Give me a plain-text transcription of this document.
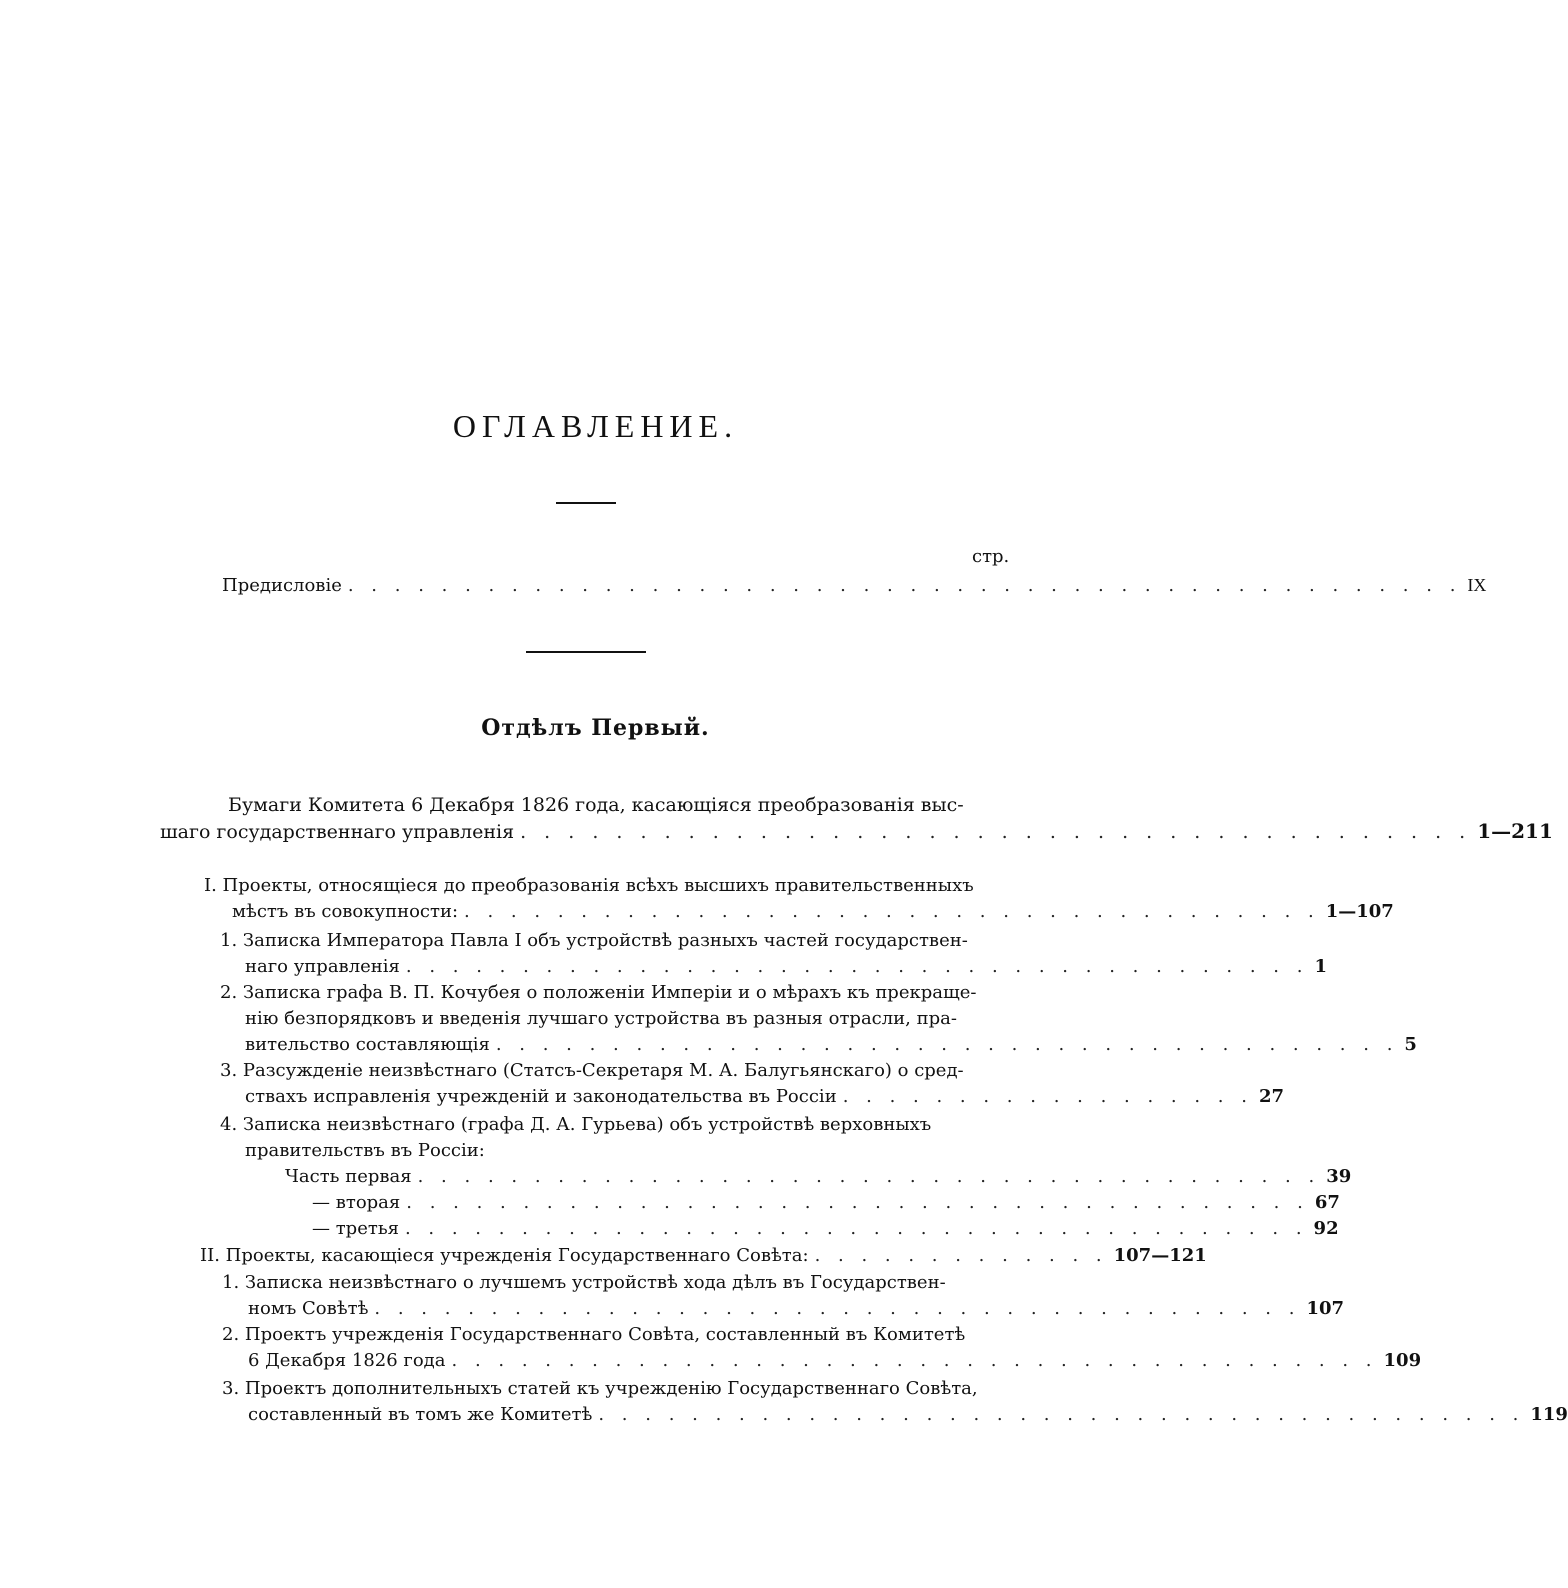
ОГЛАВЛЕНИЕ.
стр.
Предисловіе . . . . . . . . . . . . . . . . . . . . . . . . . . . . . . . . . . . . . . . . . . . . . . . . IX
Отдѣлъ Первый.
Бумаги Комитета 6 Декабря 1826 года, касающіяся преобразованія выс-
шаго государственнаго управленія . . . . . . . . . . . . . . . . . . . . . . . . . . . . . . . . . . . . . . . . 1—211
I. Проекты, относящіеся до преобразованія всѣхъ высшихъ правительственныхъ
мѣстъ въ совокупности: . . . . . . . . . . . . . . . . . . . . . . . . . . . . . . . . . . . . . 1—107
1. Записка Императора Павла I объ устройствѣ разныхъ частей государствен-
наго управленія . . . . . . . . . . . . . . . . . . . . . . . . . . . . . . . . . . . . . . . 1
2. Записка графа В. П. Кочубея о положеніи Имперіи и о мѣрахъ къ прекраще-
нію безпорядковъ и введенія лучшаго устройства въ разныя отрасли, пра-
вительство составляющія . . . . . . . . . . . . . . . . . . . . . . . . . . . . . . . . . . . . . . . 5
3. Разсужденіе неизвѣстнаго (Статсъ-Секретаря М. А. Балугьянскаго) о сред-
ствахъ исправленія учрежденій и законодательства въ Россіи . . . . . . . . . . . . . . . . . . 27
4. Записка неизвѣстнаго (графа Д. А. Гурьева) объ устройствѣ верховныхъ
правительствъ въ Россіи:
Часть первая . . . . . . . . . . . . . . . . . . . . . . . . . . . . . . . . . . . . . . . 39
— вторая . . . . . . . . . . . . . . . . . . . . . . . . . . . . . . . . . . . . . . . 67
— третья . . . . . . . . . . . . . . . . . . . . . . . . . . . . . . . . . . . . . . . 92
II. Проекты, касающіеся учрежденія Государственнаго Совѣта: . . . . . . . . . . . . . 107—121
1. Записка неизвѣстнаго о лучшемъ устройствѣ хода дѣлъ въ Государствен-
номъ Совѣтѣ . . . . . . . . . . . . . . . . . . . . . . . . . . . . . . . . . . . . . . . . 107
2. Проектъ учрежденія Государственнаго Совѣта, составленный въ Комитетѣ
6 Декабря 1826 года . . . . . . . . . . . . . . . . . . . . . . . . . . . . . . . . . . . . . . . . 109
3. Проектъ дополнительныхъ статей къ учрежденію Государственнаго Совѣта,
составленный въ томъ же Комитетѣ . . . . . . . . . . . . . . . . . . . . . . . . . . . . . . . . . . . . . . . . 119
